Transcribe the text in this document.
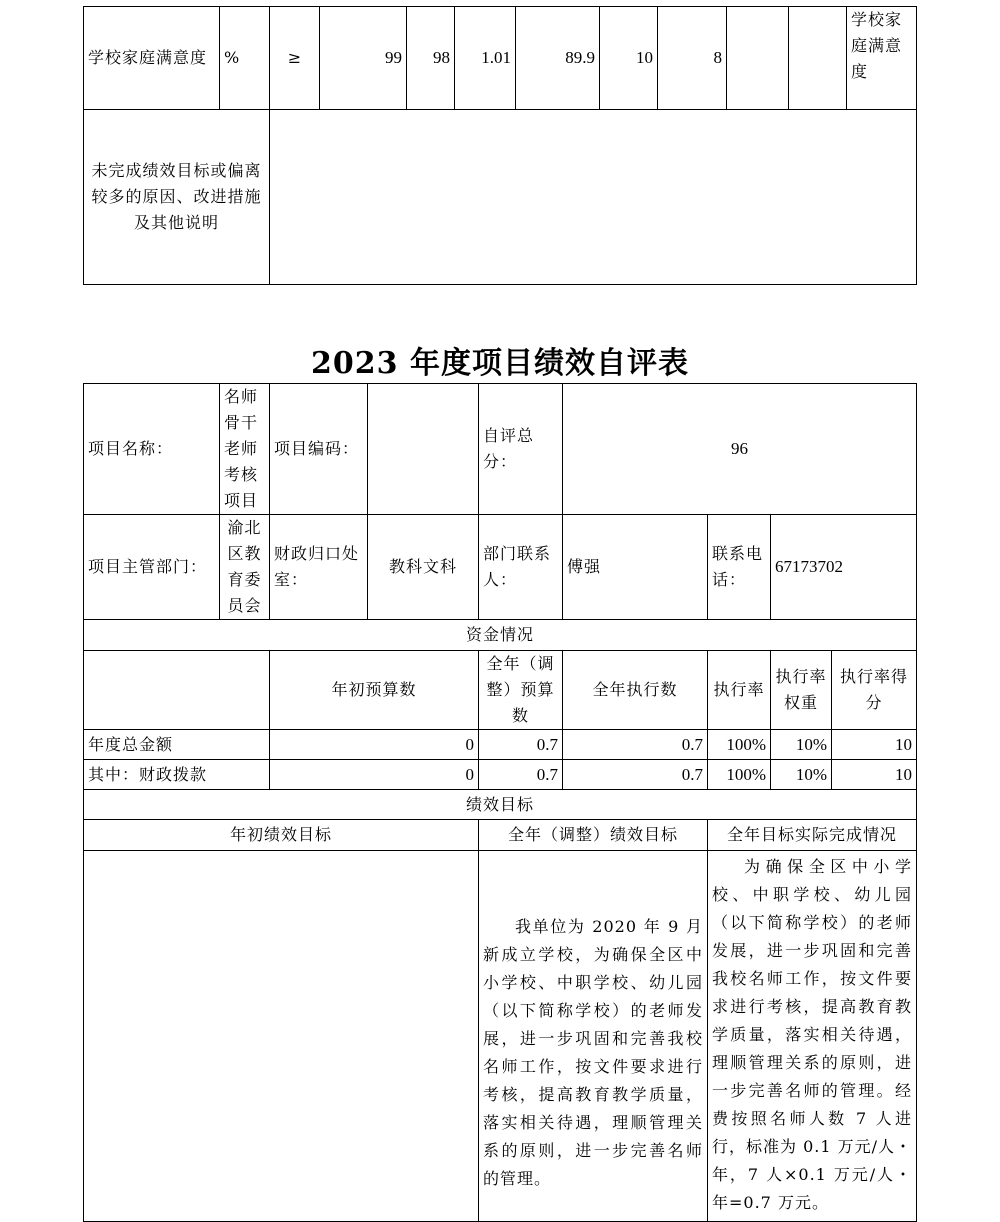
学校家庭满意度	%	≥	99	98	1.01	89.9	10	8			学校家庭满意度
未完成绩效目标或偏离较多的原因、改进措施及其他说明											
2023 年度项目绩效自评表
项目名称：	名师骨干老师考核项目	项目编码：		自评总分：	96			
项目主管部门：	渝北区教育委员会	财政归口处室：	教科文科	部门联系人：	傅强	联系电话：	67173702	
资金情况								
		年初预算数		全年（调整）预算数	全年执行数	执行率	执行率权重	执行率得分
年度总金额		0		0.7	0.7	100%	10%	10
其中：财政拨款		0		0.7	0.7	100%	10%	10
绩效目标								
年初绩效目标				全年（调整）绩效目标		全年目标实际完成情况		
				我单位为 2020 年 9 月新成立学校，为确保全区中小学校、中职学校、幼儿园（以下简称学校）的老师发展，进一步巩固和完善我校名师工作，按文件要求进行考核，提高教育教学质量，落实相关待遇，理顺管理关系的原则，进一步完善名师的管理。		为确保全区中小学校、中职学校、幼儿园（以下简称学校）的老师发展，进一步巩固和完善我校名师工作，按文件要求进行考核，提高教育教学质量，落实相关待遇，理顺管理关系的原则，进一步完善名师的管理。经费按照名师人数 7 人进行，标准为 0.1 万元/人・年，7 人×0.1 万元/人・年=0.7 万元。		
